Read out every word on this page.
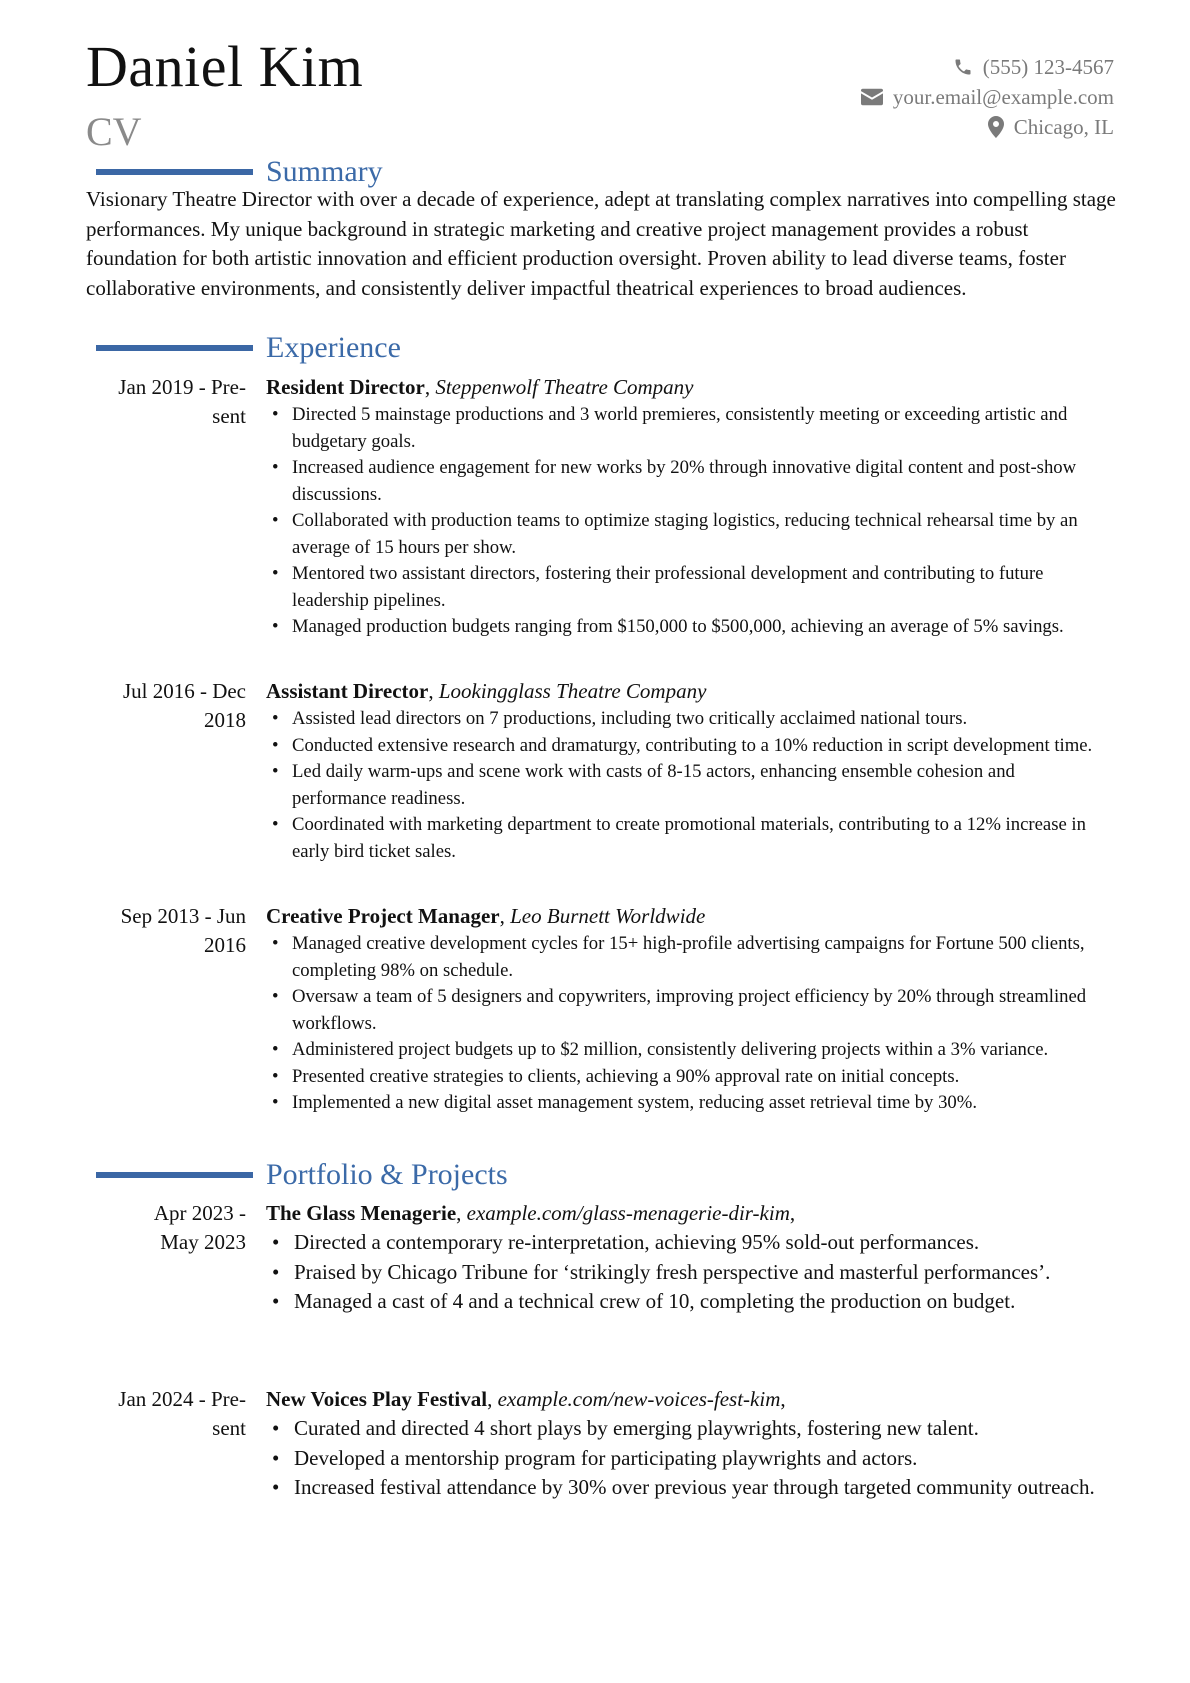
Daniel Kim
CV
(555) 123-4567
your.email@example.com
Chicago, IL
Summary
Visionary Theatre Director with over a decade of experience, adept at translating complex narratives into compelling stage performances. My unique background in strategic marketing and creative project management provides a robust foundation for both artistic innovation and efficient production oversight. Proven ability to lead diverse teams, foster collaborative environments, and consistently deliver impactful theatrical experiences to broad audiences.
Experience
Jan 2019 - Pre-
sent
Resident Director, Steppenwolf Theatre Company
• Directed 5 mainstage productions and 3 world premieres, consistently meeting or exceeding artistic and budgetary goals.
• Increased audience engagement for new works by 20% through innovative digital content and post-show discussions.
• Collaborated with production teams to optimize staging logistics, reducing technical rehearsal time by an average of 15 hours per show.
• Mentored two assistant directors, fostering their professional development and contributing to future leadership pipelines.
• Managed production budgets ranging from $150,000 to $500,000, achieving an average of 5% savings.
Jul 2016 - Dec
2018
Assistant Director, Lookingglass Theatre Company
• Assisted lead directors on 7 productions, including two critically acclaimed national tours.
• Conducted extensive research and dramaturgy, contributing to a 10% reduction in script development time.
• Led daily warm-ups and scene work with casts of 8-15 actors, enhancing ensemble cohesion and performance readiness.
• Coordinated with marketing department to create promotional materials, contributing to a 12% increase in early bird ticket sales.
Sep 2013 - Jun
2016
Creative Project Manager, Leo Burnett Worldwide
• Managed creative development cycles for 15+ high-profile advertising campaigns for Fortune 500 clients, completing 98% on schedule.
• Oversaw a team of 5 designers and copywriters, improving project efficiency by 20% through streamlined workflows.
• Administered project budgets up to $2 million, consistently delivering projects within a 3% variance.
• Presented creative strategies to clients, achieving a 90% approval rate on initial concepts.
• Implemented a new digital asset management system, reducing asset retrieval time by 30%.
Portfolio & Projects
Apr 2023 -
May 2023
The Glass Menagerie, example.com/glass-menagerie-dir-kim,
• Directed a contemporary re-interpretation, achieving 95% sold-out performances.
• Praised by Chicago Tribune for ‘strikingly fresh perspective and masterful performances’.
• Managed a cast of 4 and a technical crew of 10, completing the production on budget.
Jan 2024 - Pre-
sent
New Voices Play Festival, example.com/new-voices-fest-kim,
• Curated and directed 4 short plays by emerging playwrights, fostering new talent.
• Developed a mentorship program for participating playwrights and actors.
• Increased festival attendance by 30% over previous year through targeted community outreach.
